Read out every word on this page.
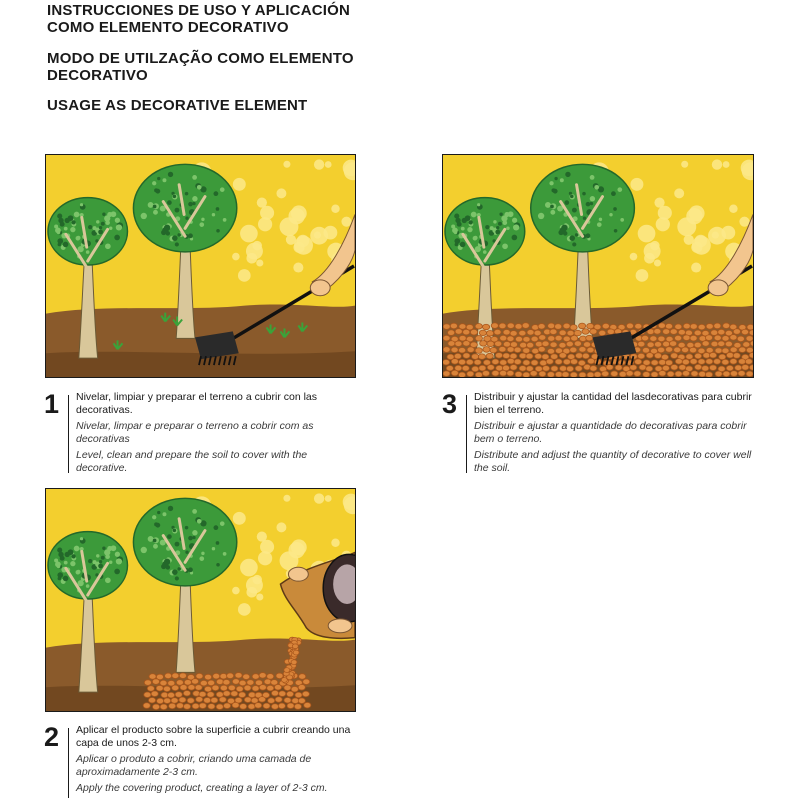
INSTRUCCIONES DE USO Y APLICACIÓN COMO ELEMENTO DECORATIVO
MODO DE UTILZAÇÃO COMO ELEMENTO DECORATIVO
USAGE AS DECORATIVE ELEMENT
1 Nivelar, limpiar y preparar el terreno a cubrir con las decorativas.

Nivelar, limpar e preparar o terreno a cobrir com as decorativas

Level, clean and prepare the soil to cover with the decorative.

3 Distribuir y ajustar la cantidad del lasdecorativas para cubrir bien el terreno.

Distribuir e ajustar a quantidade do decorativas para cobrir bem o terreno.

Distribute and adjust the quantity of decorative to cover well the soil.

2 Aplicar el producto sobre la superficie a cubrir creando una capa de unos 2-3 cm.

Aplicar o produto a cobrir, criando uma camada de aproximadamente 2-3 cm.

Apply the covering product, creating a layer of 2-3 cm.
